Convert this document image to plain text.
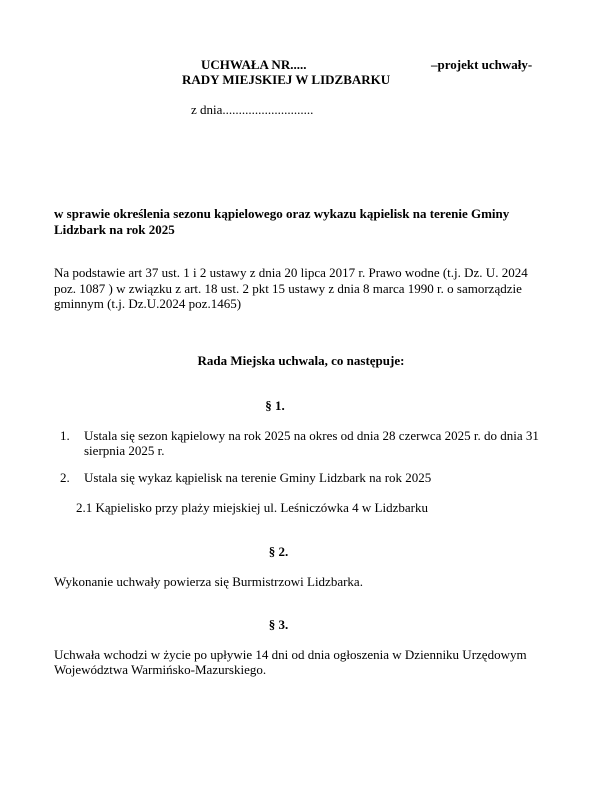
UCHWAŁA NR.....	–projekt uchwały-
RADY MIEJSKIEJ W LIDZBARKU
z dnia............................
w sprawie określenia sezonu kąpielowego oraz wykazu kąpielisk na terenie Gminy
Lidzbark na rok 2025
Na podstawie art 37 ust. 1 i 2 ustawy z dnia 20 lipca 2017 r. Prawo wodne (t.j. Dz. U. 2024
poz. 1087 ) w związku z art. 18 ust. 2 pkt 15 ustawy z dnia 8 marca 1990 r. o samorządzie
gminnym (t.j. Dz.U.2024 poz.1465)
Rada Miejska uchwala, co następuje:
§ 1.
1. Ustala się sezon kąpielowy na rok 2025 na okres od dnia 28 czerwca 2025 r. do dnia 31
sierpnia 2025 r.
2. Ustala się wykaz kąpielisk na terenie Gminy Lidzbark na rok 2025
2.1 Kąpielisko przy plaży miejskiej ul. Leśniczówka 4 w Lidzbarku
§ 2.
Wykonanie uchwały powierza się Burmistrzowi Lidzbarka.
§ 3.
Uchwała wchodzi w życie po upływie 14 dni od dnia ogłoszenia w Dzienniku Urzędowym
Województwa Warmińsko-Mazurskiego.
